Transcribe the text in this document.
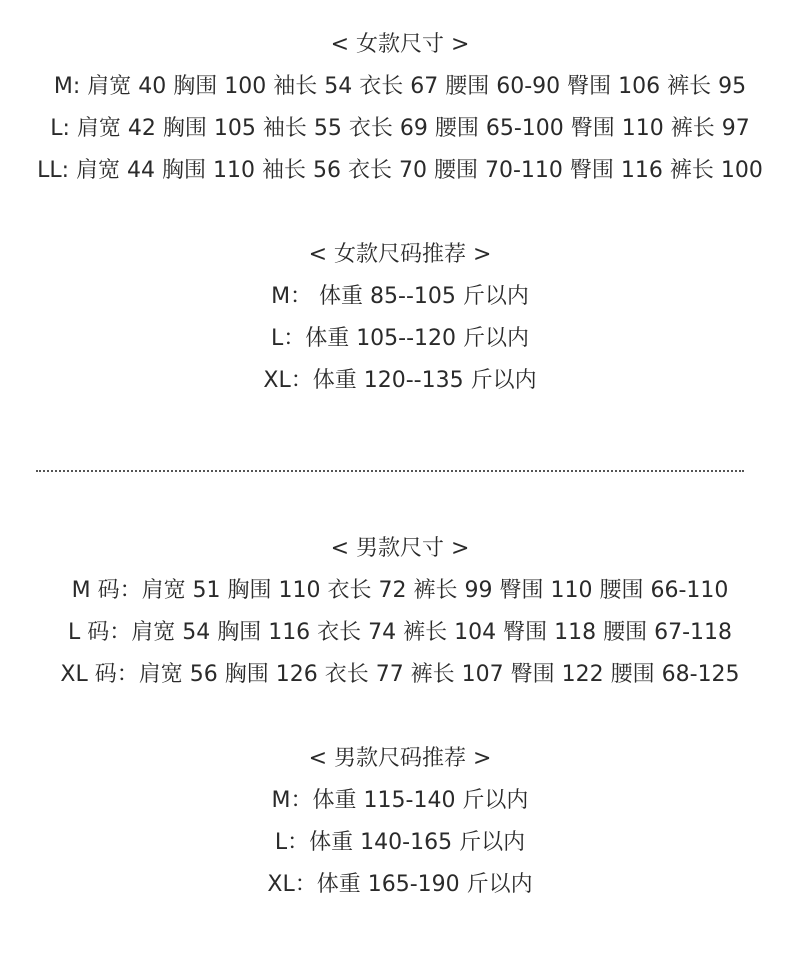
< 女款尺寸 >
M: 肩宽 40 胸围 100 袖长 54 衣长 67 腰围 60-90 臀围 106 裤长 95
L: 肩宽 42 胸围 105 袖长 55 衣长 69 腰围 65-100 臀围 110 裤长 97
LL: 肩宽 44 胸围 110 袖长 56 衣长 70 腰围 70-110 臀围 116 裤长 100
< 女款尺码推荐 >
M： 体重 85--105 斤以内
L：体重 105--120 斤以内
XL：体重 120--135 斤以内
< 男款尺寸 >
M 码：肩宽 51 胸围 110 衣长 72 裤长 99 臀围 110 腰围 66-110
L 码：肩宽 54 胸围 116 衣长 74 裤长 104 臀围 118 腰围 67-118
XL 码：肩宽 56 胸围 126 衣长 77 裤长 107 臀围 122 腰围 68-125
< 男款尺码推荐 >
M：体重 115-140 斤以内
L：体重 140-165 斤以内
XL：体重 165-190 斤以内
